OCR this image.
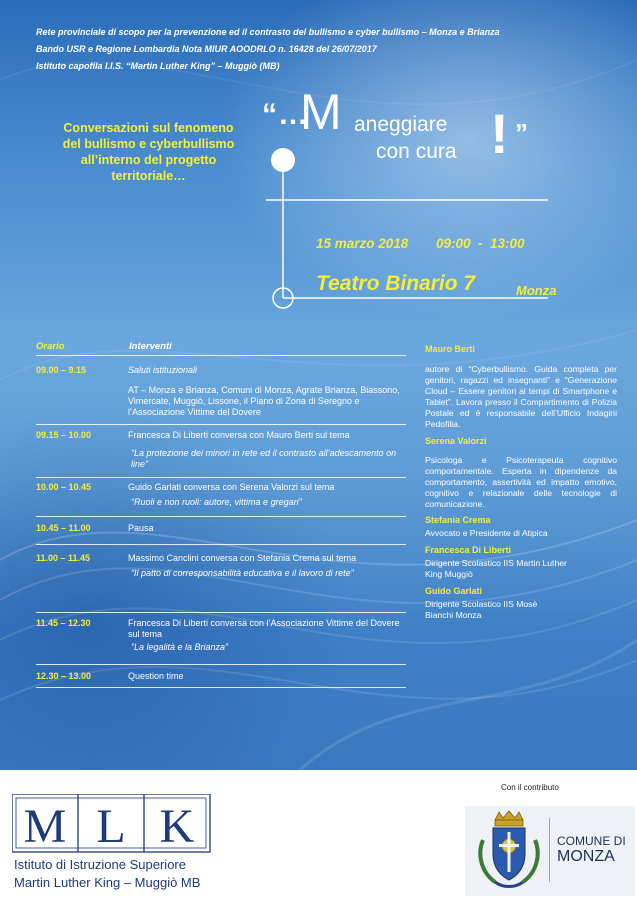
Rete provinciale di scopo per la prevenzione ed il contrasto del bullismo e cyber bullismo – Monza e Brianza
Bando USR e Regione Lombardia Nota MIUR AOODRLO n. 16428 del 26/07/2017
Istituto capofila I.I.S. “Martin Luther King” – Muggiò (MB)
Conversazioni sul fenomeno
del bullismo e cyberbullismo
all’interno del progetto
territoriale…
“…
M aneggiare
con cura ! ”
15 marzo 2018 09:00  -  13:00
Teatro Binario 7	Monza
Orario	Interventi
09.00 – 9.15	Saluti istituzionali
AT – Monza e Brianza, Comuni di Monza, Agrate Brianza, Biassono, Vimercate, Muggiò, Lissone, il Piano di Zona di Seregno e l’Associazione Vittime del Dovere
09.15 – 10.00	Francesca Di Liberti conversa con Mauro Berti sul tema
“La protezione dei minori in rete ed il contrasto all’adescamento on line”
10.00 – 10.45	Guido Garlati conversa con Serena Valorzi sul tema
“Ruoli e non ruoli: autore, vittima e gregari”
10.45 – 11.00	Pausa
11.00 – 11.45	Massimo Canclini conversa con Stefania Crema sul tema
“Il patto di corresponsabilità educativa e il lavoro di rete”
11.45 – 12.30	Francesca Di Liberti conversa con l’Associazione Vittime del Dovere sul tema
“La legalità e la Brianza”
12.30 – 13.00	Question time
Mauro Berti
autore di “Cyberbullismo. Guida completa per genitori, ragazzi ed insegnanti” e “Generazione Cloud – Essere genitori ai tempi di Smartphone e Tablet”. Lavora presso il Compartimento di Polizia Postale ed è responsabile dell’Ufficio Indagini Pedofilia.
Serena Valorzi
Psicologa e Psicoterapeuta cognitivo comportamentale. Esperta in dipendenze da comportamento, assertività ed impatto emotivo, cognitivo e relazionale delle tecnologie di comunicazione.
Stefania Crema
Avvocato e Presidente di Atipica
Francesca Di Liberti
Dirigente Scolastico IIS Martin Luther King Muggiò
Guido Garlati
Dirigente Scolastico IIS Mosè Bianchi Monza
M L K
Istituto di Istruzione Superiore
Martin Luther King – Muggiò MB
Con il contributo
COMUNE DI
MONZA
